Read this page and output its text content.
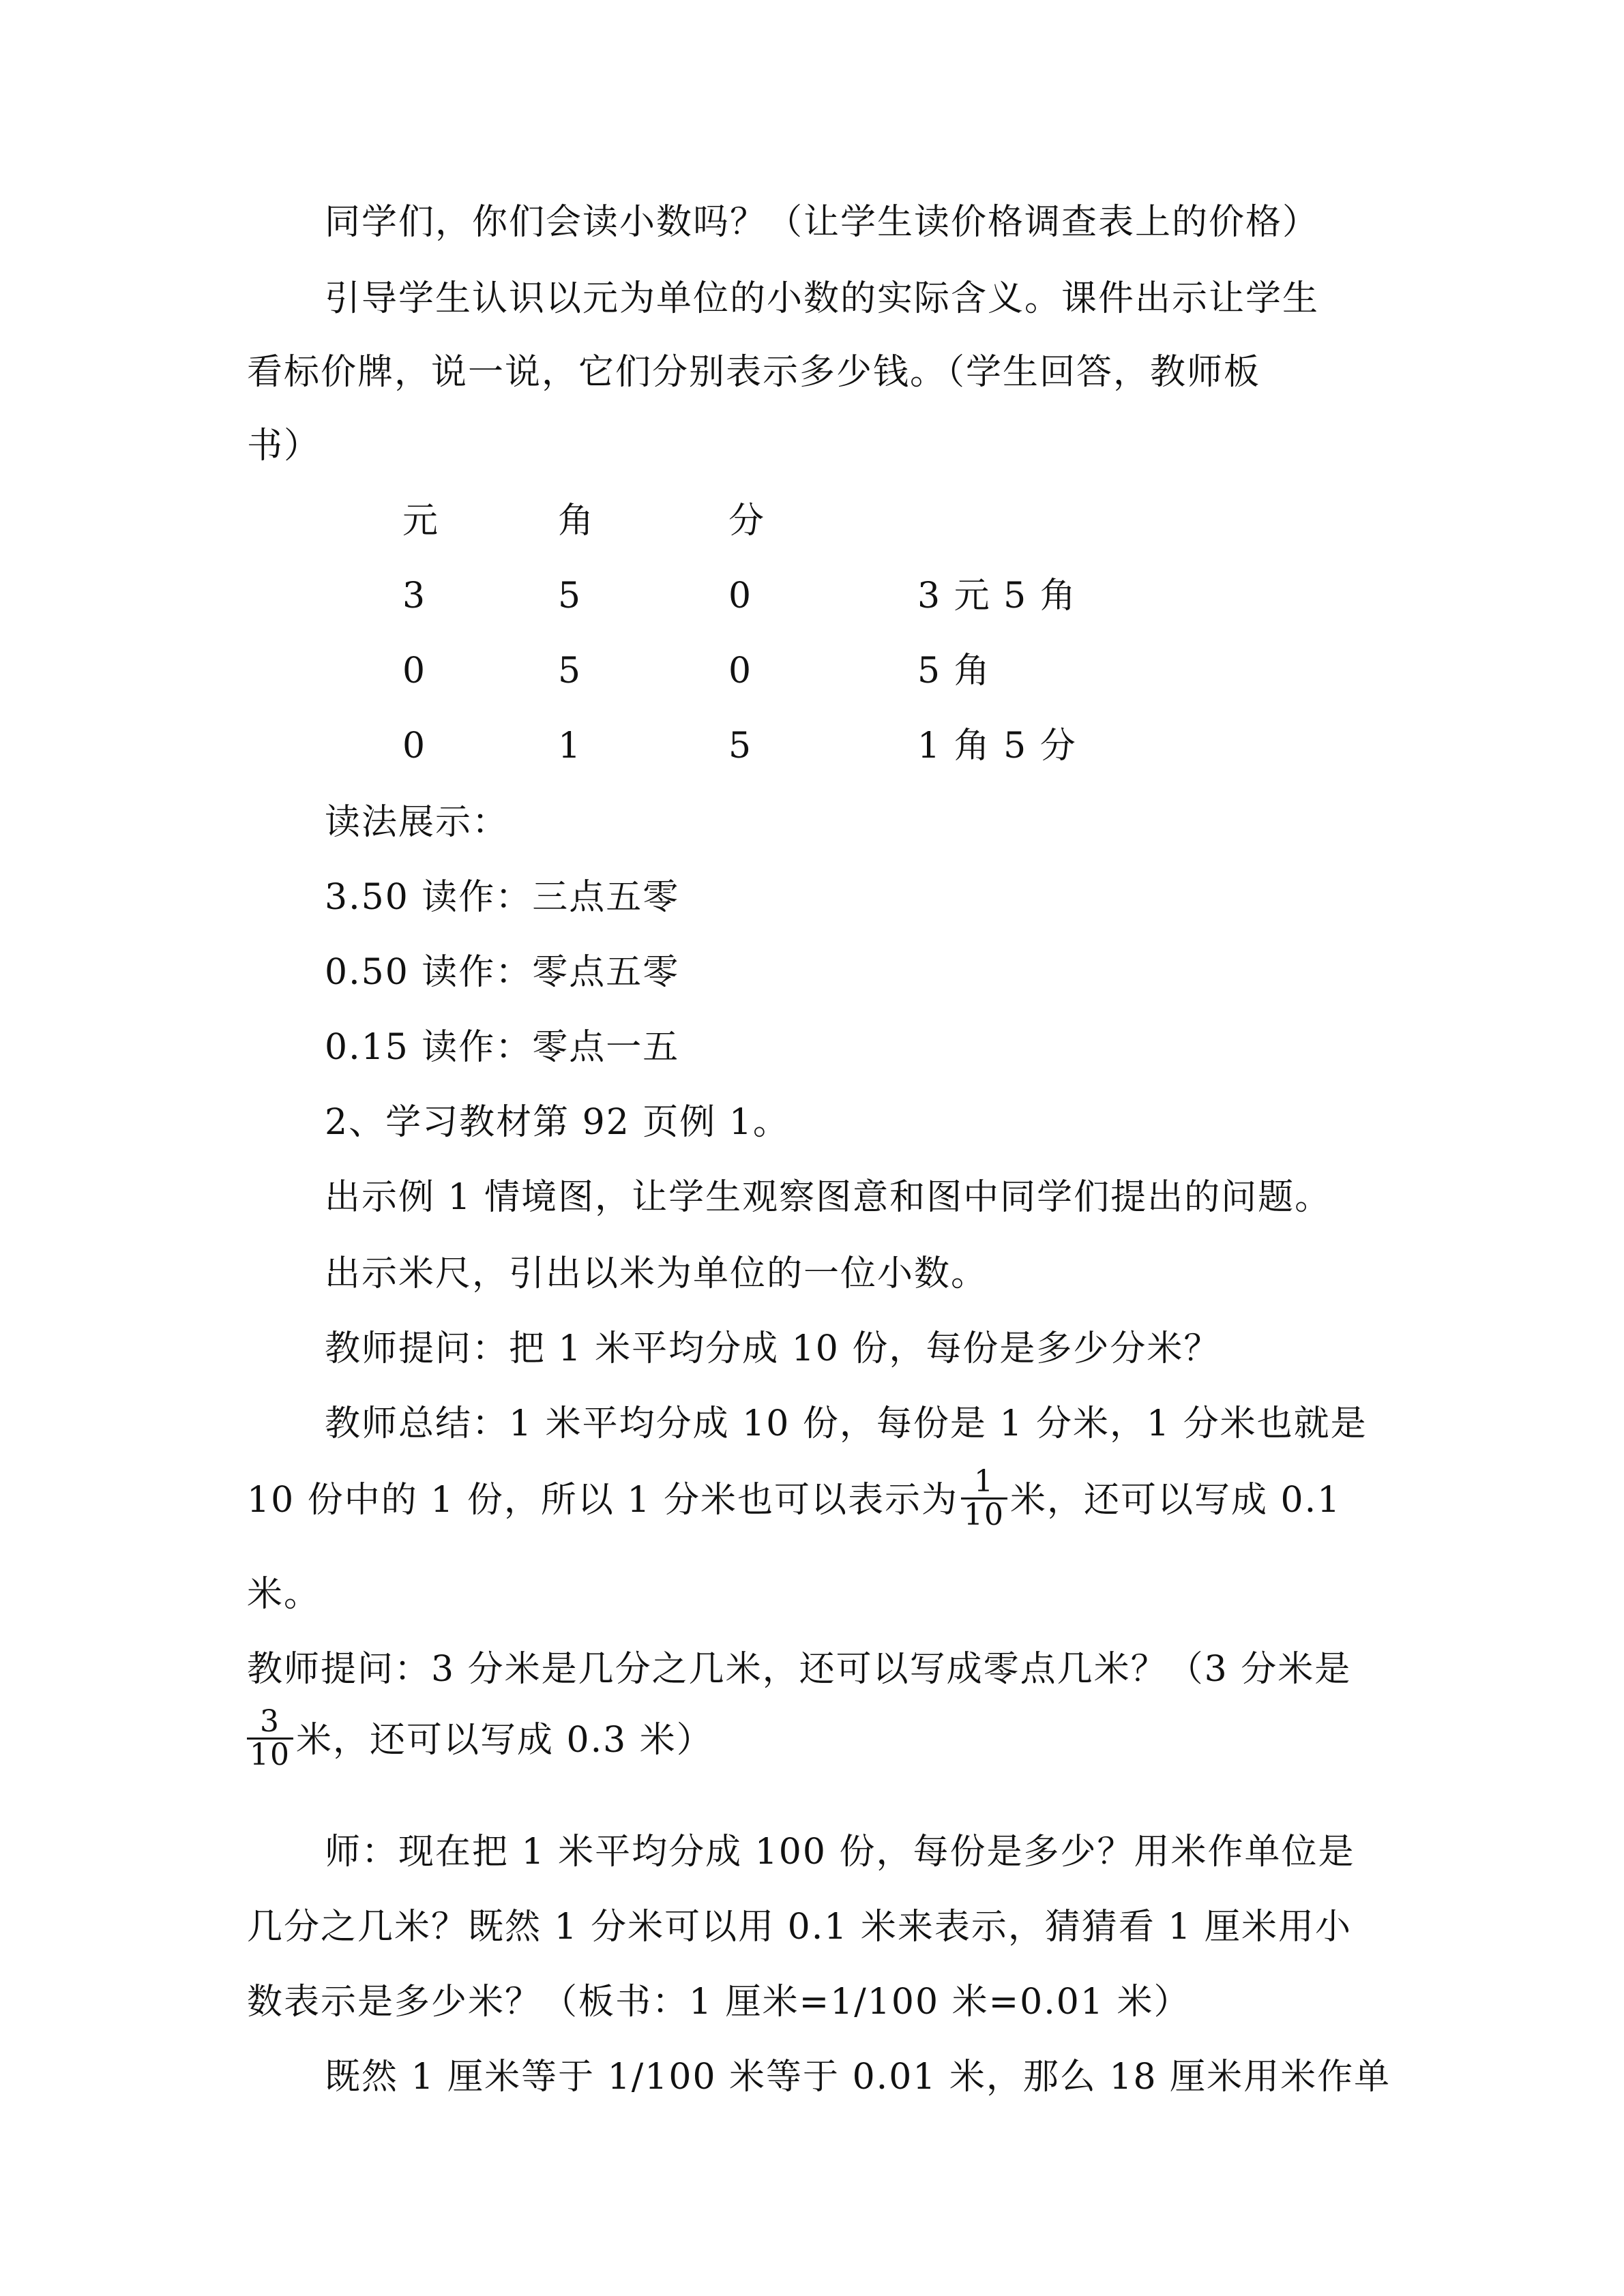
同学们，你们会读小数吗？（让学生读价格调查表上的价格）
引导学生认识以元为单位的小数的实际含义。课件出示让学生
看标价牌，说一说，它们分别表示多少钱。（学生回答，教师板
书）
元	角	分
3	5	0	3 元 5 角
0	5	0	5 角
0	1	5	1 角 5 分
读法展示：
3.50 读作：三点五零
0.50 读作：零点五零
0.15 读作：零点一五
2、学习教材第 92 页例 1。
出示例 1 情境图，让学生观察图意和图中同学们提出的问题。
出示米尺，引出以米为单位的一位小数。
教师提问：把 1 米平均分成 10 份，每份是多少分米？
教师总结：1 米平均分成 10 份，每份是 1 分米，1 分米也就是
10 份中的 1 份，所以 1 分米也可以表示为 $\frac{1}{10}$ 米，还可以写成 0.1
米。
教师提问：3 分米是几分之几米，还可以写成零点几米？（3 分米是
$\frac{3}{10}$ 米，还可以写成 0.3 米）
师：现在把 1 米平均分成 100 份，每份是多少？用米作单位是
几分之几米？既然 1 分米可以用 0.1 米来表示，猜猜看 1 厘米用小
数表示是多少米？（板书：1 厘米=1/100 米=0.01 米）
既然 1 厘米等于 1/100 米等于 0.01 米，那么 18 厘米用米作单
